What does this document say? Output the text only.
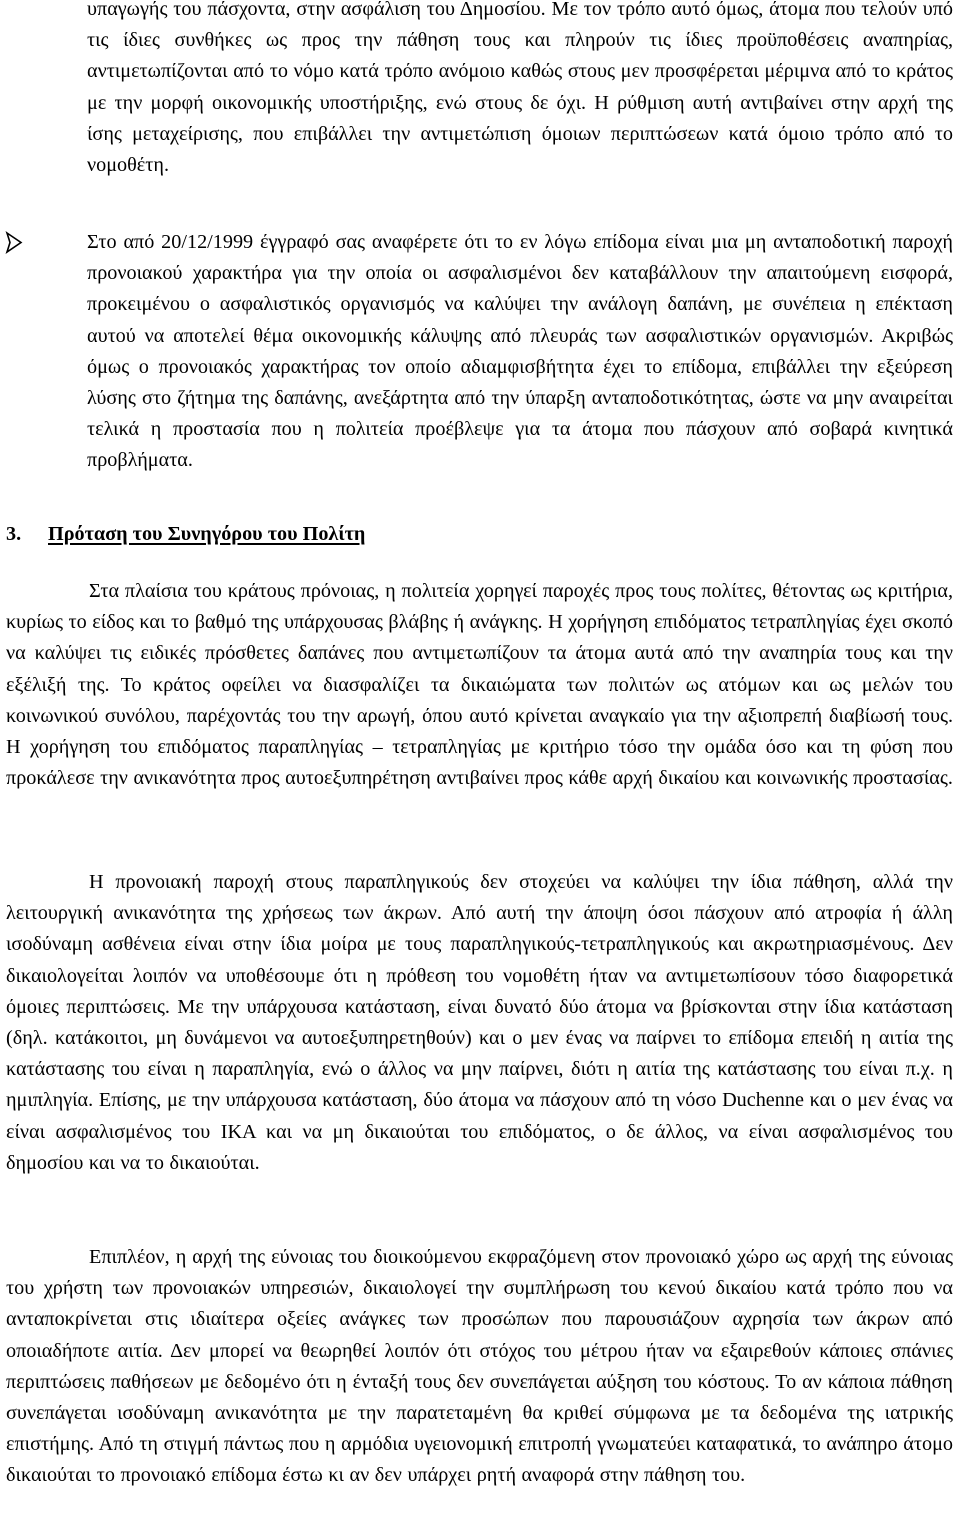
υπαγωγής του πάσχοντα, στην ασφάλιση του Δημοσίου. Με τον τρόπο αυτό όμως, άτομα που τελούν υπό τις ίδιες συνθήκες ως προς την πάθηση τους και πληρούν τις ίδιες προϋποθέσεις αναπηρίας, αντιμετωπίζονται από το νόμο κατά τρόπο ανόμοιο καθώς στους μεν προσφέρεται μέριμνα από το κράτος με την μορφή οικονομικής υποστήριξης, ενώ στους δε όχι. Η ρύθμιση αυτή αντιβαίνει στην αρχή της ίσης μεταχείρισης, που επιβάλλει την αντιμετώπιση όμοιων περιπτώσεων κατά όμοιο τρόπο από το νομοθέτη.

Στο από 20/12/1999 έγγραφό σας αναφέρετε ότι το εν λόγω επίδομα είναι μια μη ανταποδοτική παροχή προνοιακού χαρακτήρα για την οποία οι ασφαλισμένοι δεν καταβάλλουν την απαιτούμενη εισφορά, προκειμένου ο ασφαλιστικός οργανισμός να καλύψει την ανάλογη δαπάνη, με συνέπεια η επέκταση αυτού να αποτελεί θέμα οικονομικής κάλυψης από πλευράς των ασφαλιστικών οργανισμών. Ακριβώς όμως ο προνοιακός χαρακτήρας τον οποίο αδιαμφισβήτητα έχει το επίδομα, επιβάλλει την εξεύρεση λύσης στο ζήτημα της δαπάνης, ανεξάρτητα από την ύπαρξη ανταποδοτικότητας, ώστε να μην αναιρείται τελικά η προστασία που η πολιτεία προέβλεψε για τα άτομα που πάσχουν από σοβαρά κινητικά προβλήματα.

3. Πρόταση του Συνηγόρου του Πολίτη

Στα πλαίσια του κράτους πρόνοιας, η πολιτεία χορηγεί παροχές προς τους πολίτες, θέτοντας ως κριτήρια, κυρίως το είδος και το βαθμό της υπάρχουσας βλάβης ή ανάγκης. Η χορήγηση επιδόματος τετραπληγίας έχει σκοπό να καλύψει τις ειδικές πρόσθετες δαπάνες που αντιμετωπίζουν τα άτομα αυτά από την αναπηρία τους και την εξέλιξή της. Το κράτος οφείλει να διασφαλίζει τα δικαιώματα των πολιτών ως ατόμων και ως μελών του κοινωνικού συνόλου, παρέχοντάς του την αρωγή, όπου αυτό κρίνεται αναγκαίο για την αξιοπρεπή διαβίωσή τους. Η χορήγηση του επιδόματος παραπληγίας – τετραπληγίας με κριτήριο τόσο την ομάδα όσο και τη φύση που προκάλεσε την ανικανότητα προς αυτοεξυπηρέτηση αντιβαίνει προς κάθε αρχή δικαίου και κοινωνικής προστασίας.

Η προνοιακή παροχή στους παραπληγικούς δεν στοχεύει να καλύψει την ίδια πάθηση, αλλά την λειτουργική ανικανότητα της χρήσεως των άκρων. Από αυτή την άποψη όσοι πάσχουν από ατροφία ή άλλη ισοδύναμη ασθένεια είναι στην ίδια μοίρα με τους παραπληγικούς-τετραπληγικούς και ακρωτηριασμένους. Δεν δικαιολογείται λοιπόν να υποθέσουμε ότι η πρόθεση του νομοθέτη ήταν να αντιμετωπίσουν τόσο διαφορετικά όμοιες περιπτώσεις. Με την υπάρχουσα κατάσταση, είναι δυνατό δύο άτομα να βρίσκονται στην ίδια κατάσταση (δηλ. κατάκοιτοι, μη δυνάμενοι να αυτοεξυπηρετηθούν) και ο μεν ένας να παίρνει το επίδομα επειδή η αιτία της κατάστασης του είναι η παραπληγία, ενώ ο άλλος να μην παίρνει, διότι η αιτία της κατάστασης του είναι π.χ. η ημιπληγία. Επίσης, με την υπάρχουσα κατάσταση, δύο άτομα να πάσχουν από τη νόσο Duchenne και ο μεν ένας να είναι ασφαλισμένος του ΙΚΑ και να μη δικαιούται του επιδόματος, ο δε άλλος, να είναι ασφαλισμένος του δημοσίου και να το δικαιούται.

Επιπλέον, η αρχή της εύνοιας του διοικούμενου εκφραζόμενη στον προνοιακό χώρο ως αρχή της εύνοιας του χρήστη των προνοιακών υπηρεσιών, δικαιολογεί την συμπλήρωση του κενού δικαίου κατά τρόπο που να ανταποκρίνεται στις ιδιαίτερα οξείες ανάγκες των προσώπων που παρουσιάζουν αχρησία των άκρων από οποιαδήποτε αιτία. Δεν μπορεί να θεωρηθεί λοιπόν ότι στόχος του μέτρου ήταν να εξαιρεθούν κάποιες σπάνιες περιπτώσεις παθήσεων με δεδομένο ότι η ένταξή τους δεν συνεπάγεται αύξηση του κόστους. Το αν κάποια πάθηση συνεπάγεται ισοδύναμη ανικανότητα με την παρατεταμένη θα κριθεί σύμφωνα με τα δεδομένα της ιατρικής επιστήμης. Από τη στιγμή πάντως που η αρμόδια υγειονομική επιτροπή γνωματεύει καταφατικά, το ανάπηρο άτομο δικαιούται το προνοιακό επίδομα έστω κι αν δεν υπάρχει ρητή αναφορά στην πάθηση του.
